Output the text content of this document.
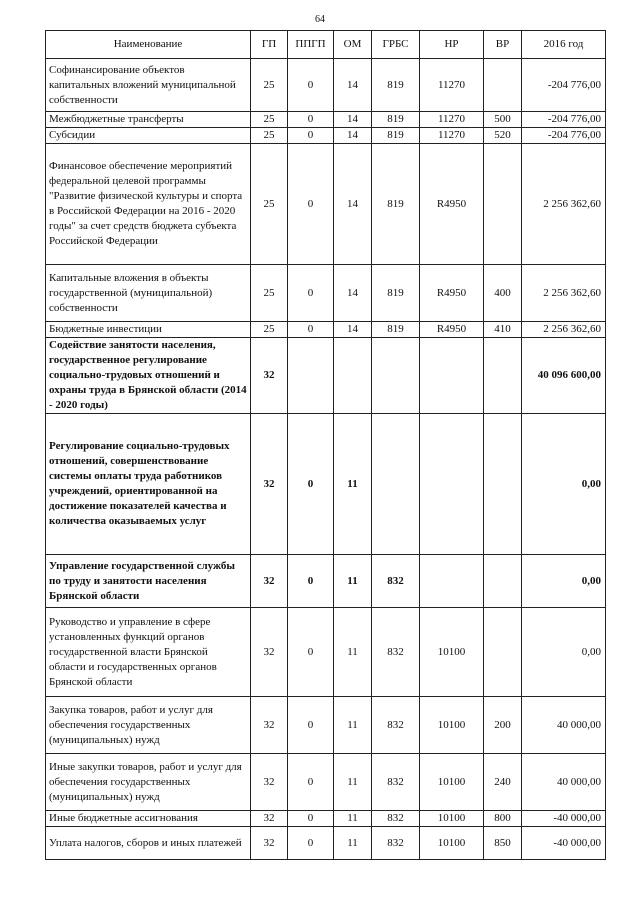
64
Наименование	ГП	ППГП	ОМ	ГРБС	НР	ВР	2016 год
Софинансирование объектов капитальных вложений муниципальной собственности	25	0	14	819	11270		-204 776,00
Межбюджетные трансферты	25	0	14	819	11270	500	-204 776,00
Субсидии	25	0	14	819	11270	520	-204 776,00
Финансовое обеспечение мероприятий федеральной целевой программы "Развитие физической культуры и спорта в Российской Федерации на 2016 - 2020 годы" за счет средств бюджета субъекта Российской Федерации	25	0	14	819	R4950		2 256 362,60
Капитальные вложения в объекты государственной (муниципальной) собственности	25	0	14	819	R4950	400	2 256 362,60
Бюджетные инвестиции	25	0	14	819	R4950	410	2 256 362,60
Содействие занятости населения, государственное регулирование социально-трудовых отношений и охраны труда в Брянской области (2014 - 2020 годы)	32						40 096 600,00
Регулирование социально-трудовых отношений, совершенствование системы оплаты труда работников учреждений, ориентированной на достижение показателей качества и количества оказываемых услуг	32	0	11				0,00
Управление государственной службы по труду и занятости населения Брянской области	32	0	11	832			0,00
Руководство и управление в сфере установленных функций органов государственной власти Брянской области и государственных органов Брянской области	32	0	11	832	10100		0,00
Закупка товаров, работ и услуг для обеспечения государственных (муниципальных) нужд	32	0	11	832	10100	200	40 000,00
Иные закупки товаров, работ и услуг для обеспечения государственных (муниципальных) нужд	32	0	11	832	10100	240	40 000,00
Иные бюджетные ассигнования	32	0	11	832	10100	800	-40 000,00
Уплата налогов, сборов и иных платежей	32	0	11	832	10100	850	-40 000,00
